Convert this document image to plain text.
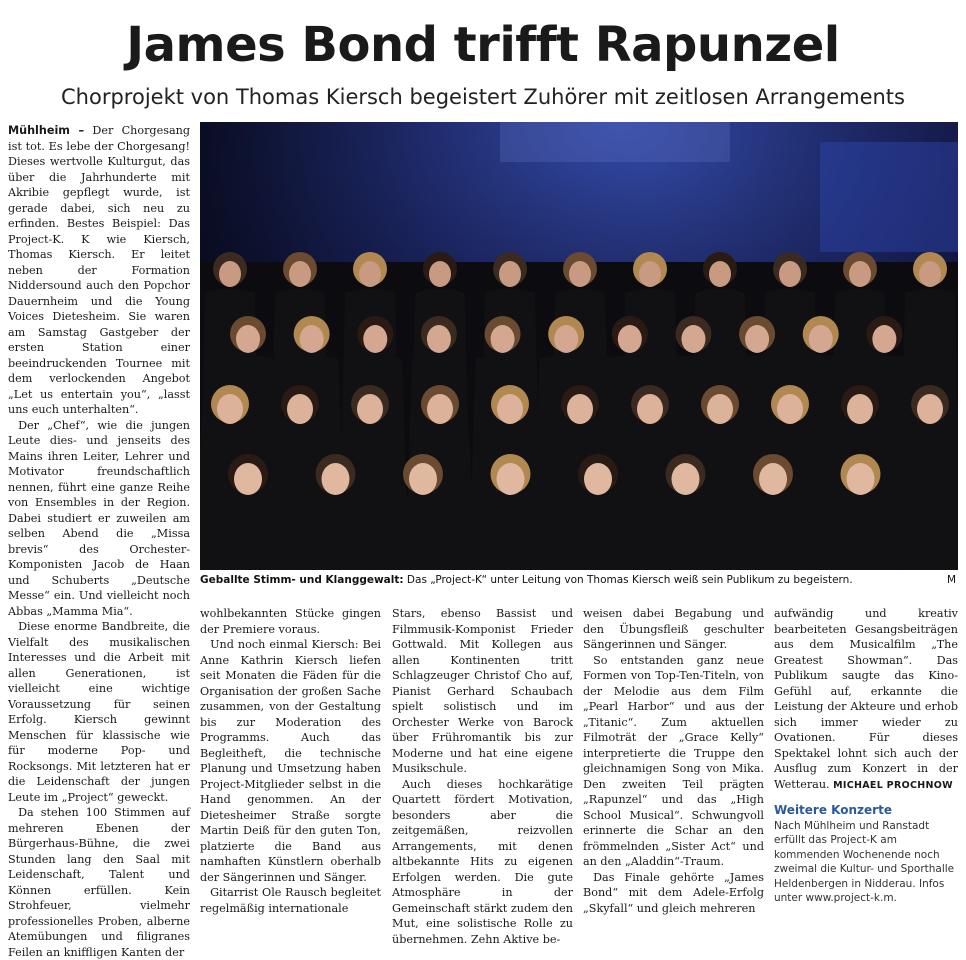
James Bond trifft Rapunzel
Chorprojekt von Thomas Kiersch begeistert Zuhörer mit zeitlosen Arrangements
Geballte Stimm- und Klanggewalt: Das „Project-K“ unter Leitung von Thomas Kiersch weiß sein Publikum zu begeistern.	M

Mühlheim – Der Chorgesang ist tot. Es lebe der Chorgesang! Dieses wertvolle Kulturgut, das über die Jahrhunderte mit Akribie gepflegt wurde, ist gerade dabei, sich neu zu erfinden. Bestes Beispiel: Das Project-K. K wie Kiersch, Thomas Kiersch. Er leitet neben der Formation Niddersound auch den Popchor Dauernheim und die Young Voices Dietesheim. Sie waren am Samstag Gastgeber der ersten Station einer beeindruckenden Tournee mit dem verlockenden Angebot „Let us entertain you“, „lasst uns euch unterhalten“.

Der „Chef“, wie die jungen Leute dies- und jenseits des Mains ihren Leiter, Lehrer und Motivator freundschaftlich nennen, führt eine ganze Reihe von Ensembles in der Region. Dabei studiert er zuweilen am selben Abend die „Missa brevis“ des Orchester-Komponisten Jacob de Haan und Schuberts „Deutsche Messe“ ein. Und vielleicht noch Abbas „Mamma Mia“.

Diese enorme Bandbreite, die Vielfalt des musikalischen Interesses und die Arbeit mit allen Generationen, ist vielleicht eine wichtige Voraussetzung für seinen Erfolg. Kiersch gewinnt Menschen für klassische wie für moderne Pop- und Rocksongs. Mit letzteren hat er die Leidenschaft der jungen Leute im „Project“ geweckt.

Da stehen 100 Stimmen auf mehreren Ebenen der Bürgerhaus-Bühne, die zwei Stunden lang den Saal mit Leidenschaft, Talent und Können erfüllen. Kein Strohfeuer, vielmehr professionelles Proben, alberne Atemübungen und filigranes Feilen an kniffligen Kanten der

wohlbekannten Stücke gingen der Premiere voraus.

Und noch einmal Kiersch: Bei Anne Kathrin Kiersch liefen seit Monaten die Fäden für die Organisation der großen Sache zusammen, von der Gestaltung bis zur Moderation des Programms. Auch das Begleitheft, die technische Planung und Umsetzung haben Project-Mitglieder selbst in die Hand genommen. An der Dietesheimer Straße sorgte Martin Deiß für den guten Ton, platzierte die Band aus namhaften Künstlern oberhalb der Sängerinnen und Sänger.

Gitarrist Ole Rausch begleitet regelmäßig internationale

Stars, ebenso Bassist und Filmmusik-Komponist Frieder Gottwald. Mit Kollegen aus allen Kontinenten tritt Schlagzeuger Christof Cho auf, Pianist Gerhard Schaubach spielt solistisch und im Orchester Werke von Barock über Frühromantik bis zur Moderne und hat eine eigene Musikschule.

Auch dieses hochkarätige Quartett fördert Motivation, besonders aber die zeitgemäßen, reizvollen Arrangements, mit denen altbekannte Hits zu eigenen Erfolgen werden. Die gute Atmosphäre in der Gemeinschaft stärkt zudem den Mut, eine solistische Rolle zu übernehmen. Zehn Aktive be-

weisen dabei Begabung und den Übungsfleiß geschulter Sängerinnen und Sänger.

So entstanden ganz neue Formen von Top-Ten-Titeln, von der Melodie aus dem Film „Pearl Harbor“ und aus der „Titanic“. Zum aktuellen Filmoträt der „Grace Kelly“ interpretierte die Truppe den gleichnamigen Song von Mika. Den zweiten Teil prägten „Rapunzel“ und das „High School Musical“. Schwungvoll erinnerte die Schar an den frömmelnden „Sister Act“ und an den „Aladdin“-Traum.

Das Finale gehörte „James Bond“ mit dem Adele-Erfolg „Skyfall“ und gleich mehreren

aufwändig und kreativ bearbeiteten Gesangsbeiträgen aus dem Musicalfilm „The Greatest Showman“. Das Publikum saugte das Kino-Gefühl auf, erkannte die Leistung der Akteure und erhob sich immer wieder zu Ovationen. Für dieses Spektakel lohnt sich auch der Ausflug zum Konzert in der Wetterau. MICHAEL PROCHNOW

Weitere Konzerte
Nach Mühlheim und Ranstadt erfüllt das Project-K am kommenden Wochenende noch zweimal die Kultur- und Sporthalle Heldenbergen in Nidderau. Infos unter www.project-k.m.
